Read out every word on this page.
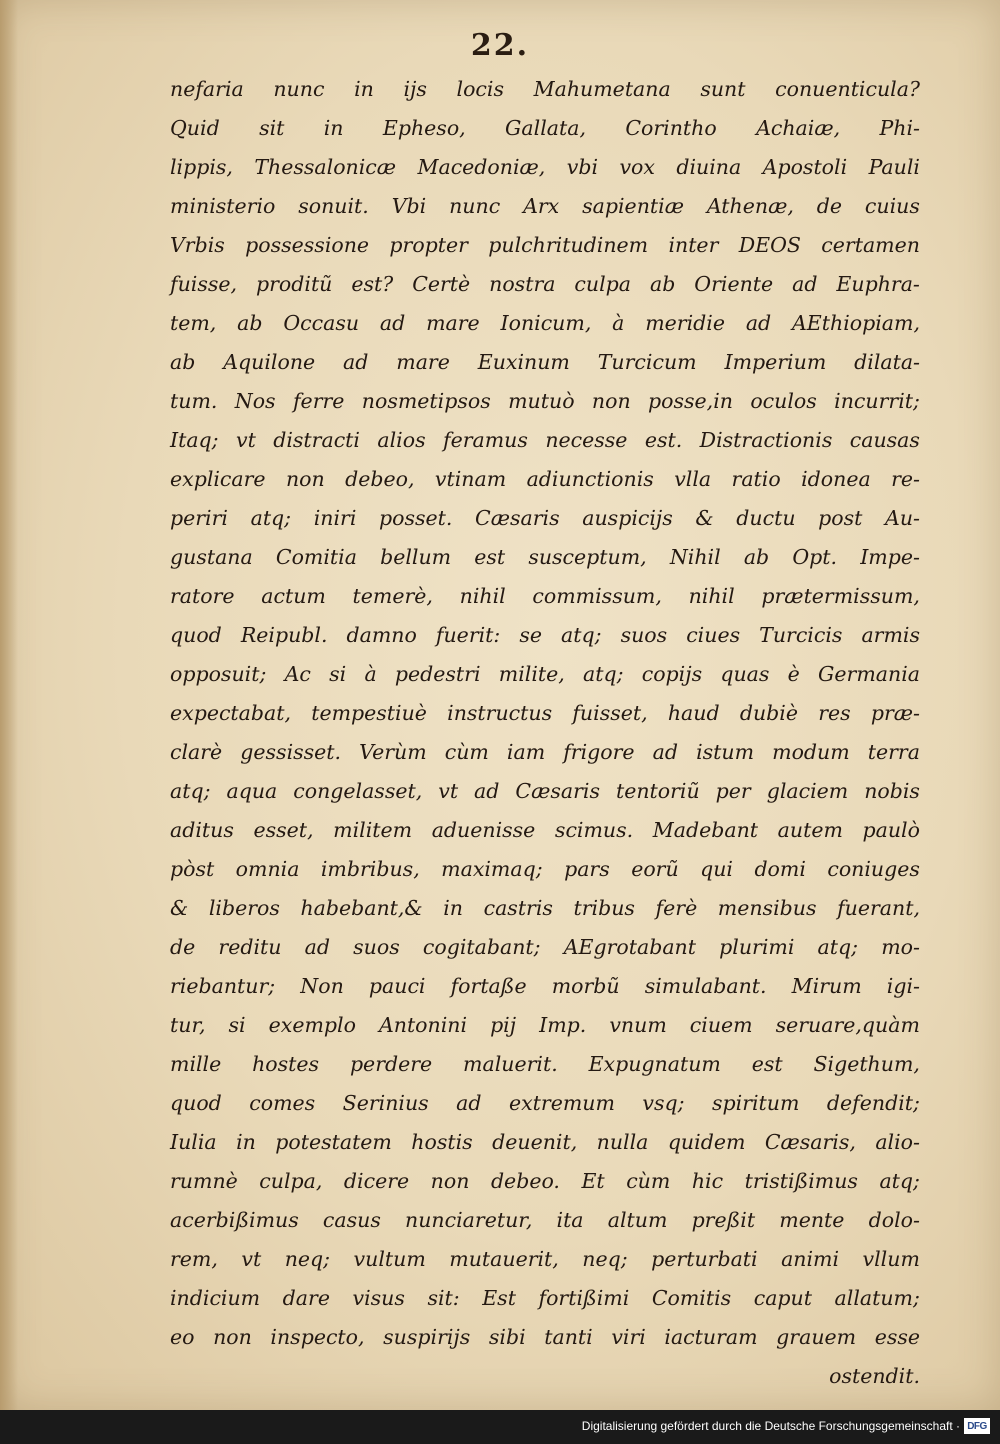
22.
nefaria nunc in ijs locis Mahumetana sunt conuenticula?
Quid sit in Epheso, Gallata, Corintho Achaiæ, Phi-
lippis, Thessalonicæ Macedoniæ, vbi vox diuina Apostoli Pauli
ministerio sonuit. Vbi nunc Arx sapientiæ Athenæ, de cuius
Vrbis possessione propter pulchritudinem inter DEOS certamen
fuisse, proditũ est? Certè nostra culpa ab Oriente ad Euphra-
tem, ab Occasu ad mare Ionicum, à meridie ad AEthiopiam,
ab Aquilone ad mare Euxinum Turcicum Imperium dilata-
tum. Nos ferre nosmetipsos mutuò non posse,in oculos incurrit;
Itaq; vt distracti alios feramus necesse est. Distractionis causas
explicare non debeo, vtinam adiunctionis vlla ratio idonea re-
periri atq; iniri posset. Cæsaris auspicijs & ductu post Au-
gustana Comitia bellum est susceptum, Nihil ab Opt. Impe-
ratore actum temerè, nihil commissum, nihil prætermissum,
quod Reipubl. damno fuerit: se atq; suos ciues Turcicis armis
opposuit; Ac si à pedestri milite, atq; copijs quas è Germania
expectabat, tempestiuè instructus fuisset, haud dubiè res præ-
clarè gessisset. Verùm cùm iam frigore ad istum modum terra
atq; aqua congelasset, vt ad Cæsaris tentoriũ per glaciem nobis
aditus esset, militem aduenisse scimus. Madebant autem paulò
pòst omnia imbribus, maximaq; pars eorũ qui domi coniuges
& liberos habebant,& in castris tribus ferè mensibus fuerant,
de reditu ad suos cogitabant; AEgrotabant plurimi atq; mo-
riebantur; Non pauci fortaße morbũ simulabant. Mirum igi-
tur, si exemplo Antonini pij Imp. vnum ciuem seruare,quàm
mille hostes perdere maluerit. Expugnatum est Sigethum,
quod comes Serinius ad extremum vsq; spiritum defendit;
Iulia in potestatem hostis deuenit, nulla quidem Cæsaris, alio-
rumnè culpa, dicere non debeo. Et cùm hic tristißimus atq;
acerbißimus casus nunciaretur, ita altum preßit mente dolo-
rem, vt neq; vultum mutauerit, neq; perturbati animi vllum
indicium dare visus sit: Est fortißimi Comitis caput allatum;
eo non inspecto, suspirijs sibi tanti viri iacturam grauem esse
ostendit.
Digitalisierung gefördert durch die Deutsche Forschungsgemeinschaft · DFG
